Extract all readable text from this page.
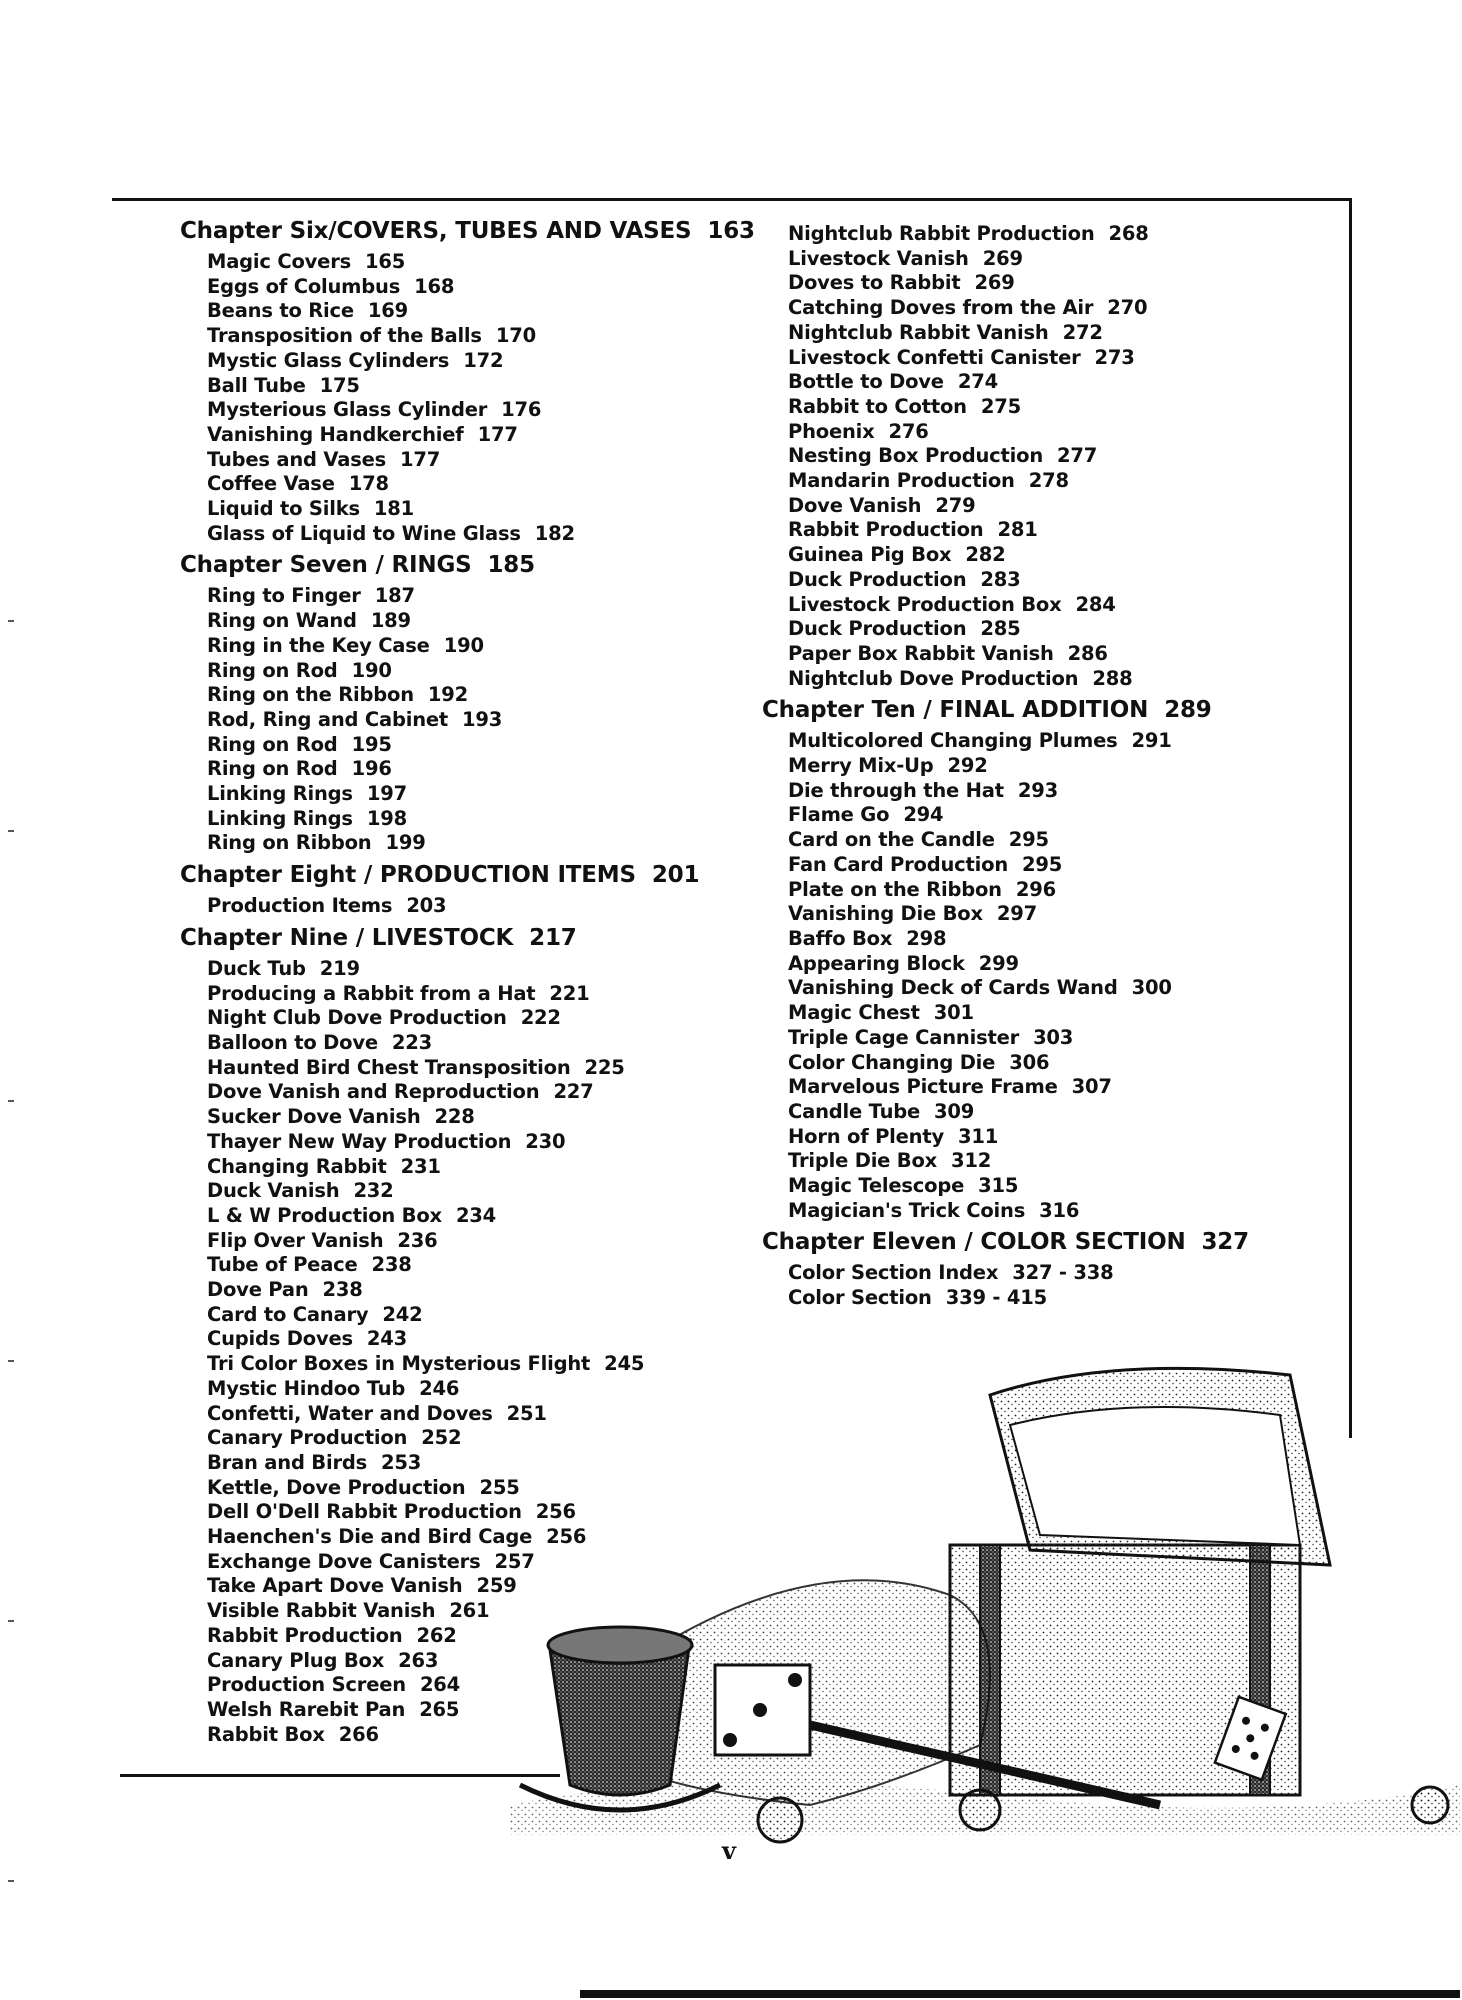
Chapter Six/COVERS, TUBES AND VASES 163
Magic Covers 165
Eggs of Columbus 168
Beans to Rice 169
Transposition of the Balls 170
Mystic Glass Cylinders 172
Ball Tube 175
Mysterious Glass Cylinder 176
Vanishing Handkerchief 177
Tubes and Vases 177
Coffee Vase 178
Liquid to Silks 181
Glass of Liquid to Wine Glass 182
Chapter Seven / RINGS 185
Ring to Finger 187
Ring on Wand 189
Ring in the Key Case 190
Ring on Rod 190
Ring on the Ribbon 192
Rod, Ring and Cabinet 193
Ring on Rod 195
Ring on Rod 196
Linking Rings 197
Linking Rings 198
Ring on Ribbon 199
Chapter Eight / PRODUCTION ITEMS 201
Production Items 203
Chapter Nine / LIVESTOCK 217
Duck Tub 219
Producing a Rabbit from a Hat 221
Night Club Dove Production 222
Balloon to Dove 223
Haunted Bird Chest Transposition 225
Dove Vanish and Reproduction 227
Sucker Dove Vanish 228
Thayer New Way Production 230
Changing Rabbit 231
Duck Vanish 232
L & W Production Box 234
Flip Over Vanish 236
Tube of Peace 238
Dove Pan 238
Card to Canary 242
Cupids Doves 243
Tri Color Boxes in Mysterious Flight 245
Mystic Hindoo Tub 246
Confetti, Water and Doves 251
Canary Production 252
Bran and Birds 253
Kettle, Dove Production 255
Dell O'Dell Rabbit Production 256
Haenchen's Die and Bird Cage 256
Exchange Dove Canisters 257
Take Apart Dove Vanish 259
Visible Rabbit Vanish 261
Rabbit Production 262
Canary Plug Box 263
Production Screen 264
Welsh Rarebit Pan 265
Rabbit Box 266
Nightclub Rabbit Production 268
Livestock Vanish 269
Doves to Rabbit 269
Catching Doves from the Air 270
Nightclub Rabbit Vanish 272
Livestock Confetti Canister 273
Bottle to Dove 274
Rabbit to Cotton 275
Phoenix 276
Nesting Box Production 277
Mandarin Production 278
Dove Vanish 279
Rabbit Production 281
Guinea Pig Box 282
Duck Production 283
Livestock Production Box 284
Duck Production 285
Paper Box Rabbit Vanish 286
Nightclub Dove Production 288
Chapter Ten / FINAL ADDITION 289
Multicolored Changing Plumes 291
Merry Mix-Up 292
Die through the Hat 293
Flame Go 294
Card on the Candle 295
Fan Card Production 295
Plate on the Ribbon 296
Vanishing Die Box 297
Baffo Box 298
Appearing Block 299
Vanishing Deck of Cards Wand 300
Magic Chest 301
Triple Cage Cannister 303
Color Changing Die 306
Marvelous Picture Frame 307
Candle Tube 309
Horn of Plenty 311
Triple Die Box 312
Magic Telescope 315
Magician's Trick Coins 316
Chapter Eleven / COLOR SECTION 327
Color Section Index 327 - 338
Color Section 339 - 415
v
